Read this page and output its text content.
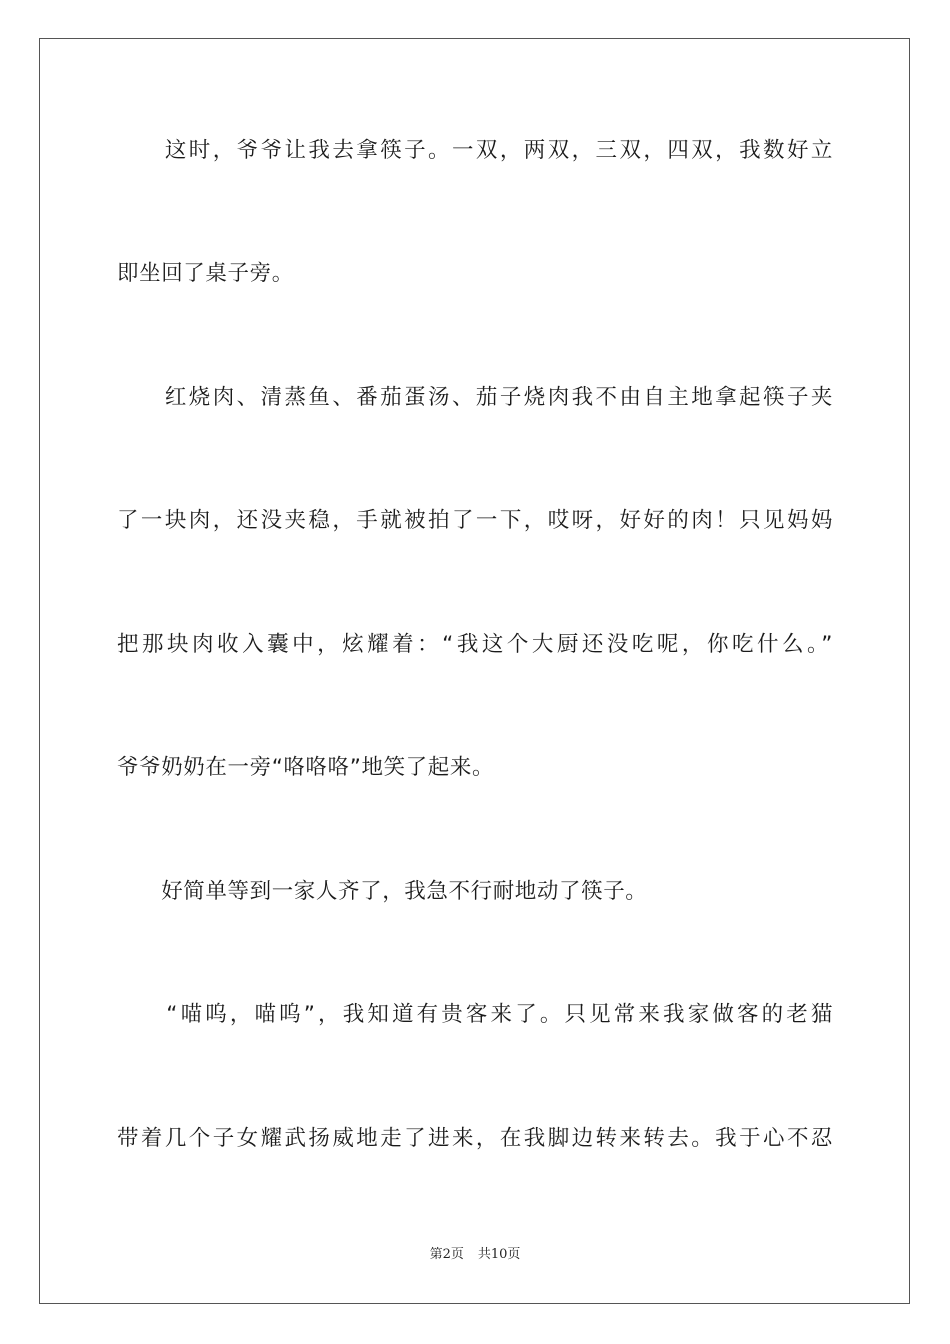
　　这时，爷爷让我去拿筷子。一双，两双，三双，四双，我数好立
即坐回了桌子旁。
　　红烧肉、清蒸鱼、番茄蛋汤、茄子烧肉我不由自主地拿起筷子夹
了一块肉，还没夹稳，手就被拍了一下，哎呀，好好的肉！只见妈妈
把那块肉收入囊中，炫耀着：“我这个大厨还没吃呢，你吃什么。”
爷爷奶奶在一旁“咯咯咯”地笑了起来。
　　好简单等到一家人齐了，我急不行耐地动了筷子。
　　“喵呜，喵呜”，我知道有贵客来了。只见常来我家做客的老猫
带着几个子女耀武扬威地走了进来，在我脚边转来转去。我于心不忍
第2页 共10页
